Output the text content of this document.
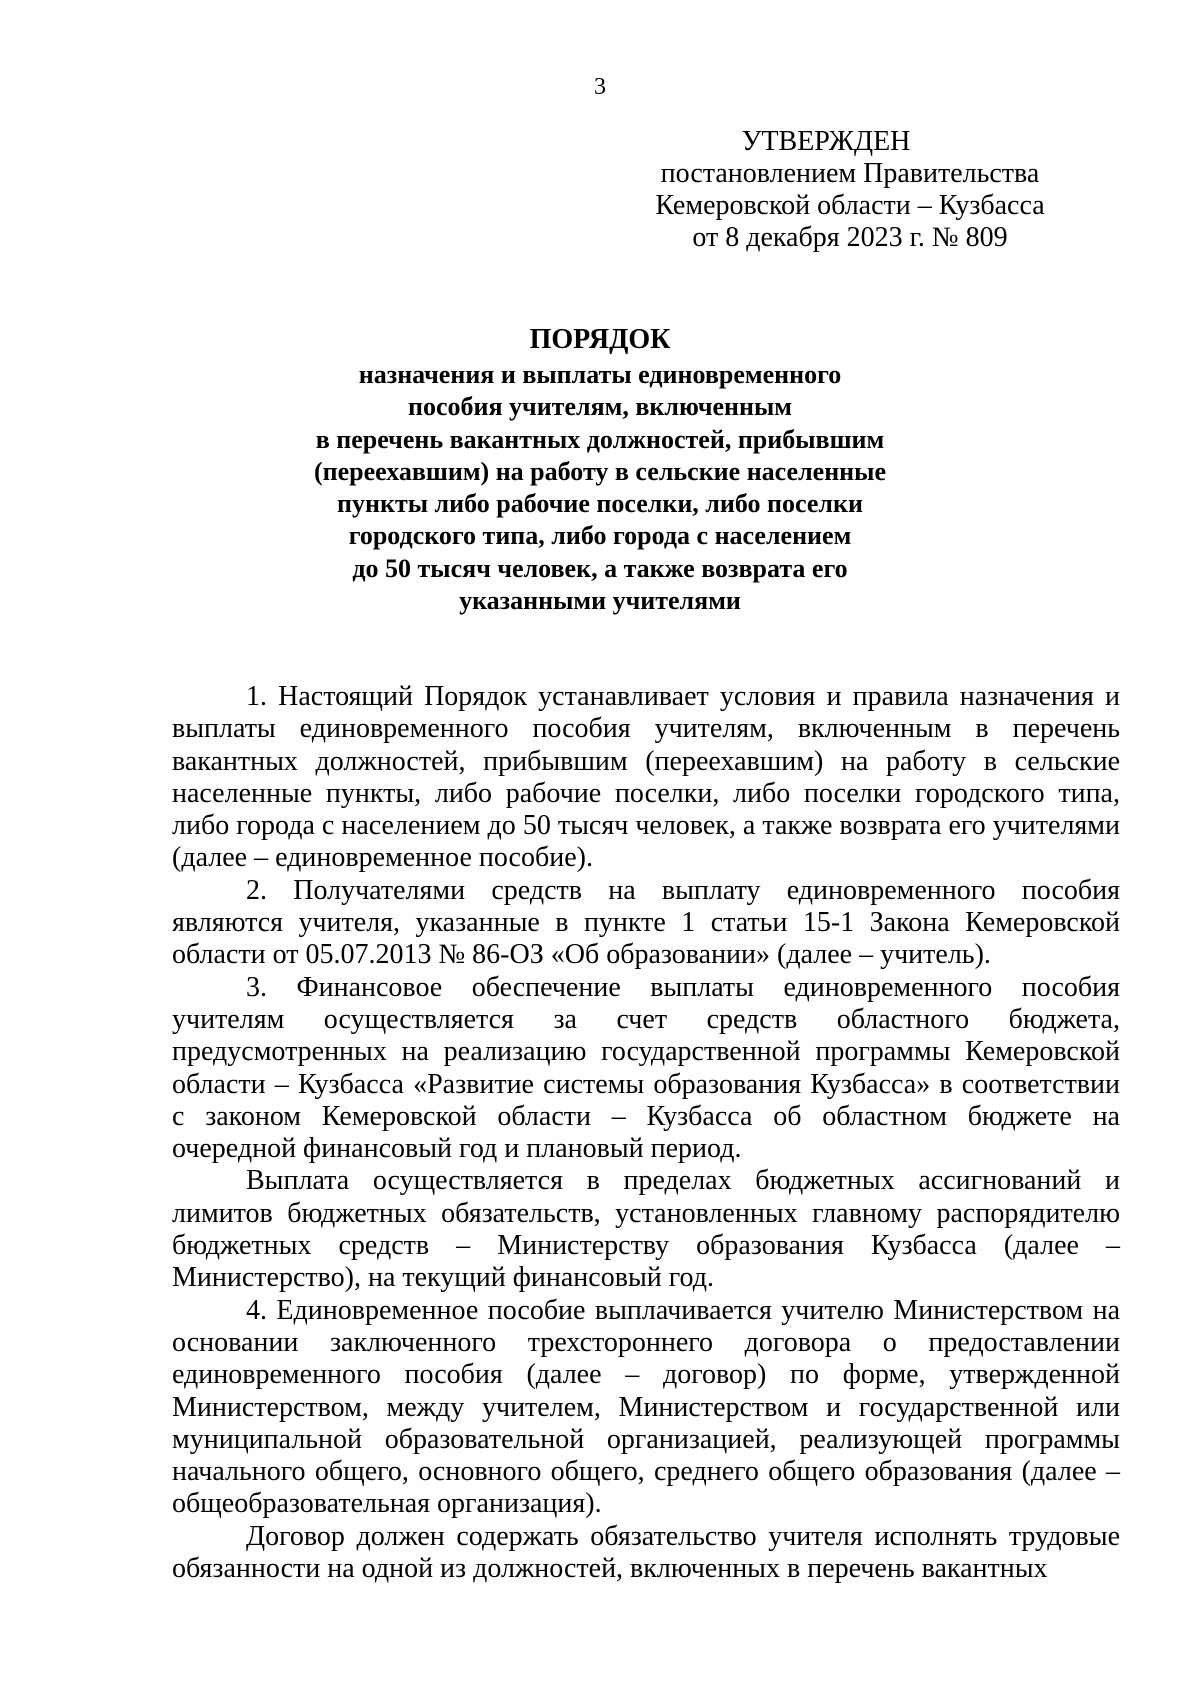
3
УТВЕРЖДЕН
постановлением Правительства
Кемеровской области – Кузбасса
от 8 декабря 2023 г. № 809
ПОРЯДОК
назначения и выплаты единовременного
пособия учителям, включенным
в перечень вакантных должностей, прибывшим
(переехавшим) на работу в сельские населенные
пункты либо рабочие поселки, либо поселки
городского типа, либо города с населением
до 50 тысяч человек, а также возврата его
указанными учителями

1. Настоящий Порядок устанавливает условия и правила назначения и выплаты единовременного пособия учителям, включенным в перечень вакантных должностей, прибывшим (переехавшим) на работу в сельские населенные пункты, либо рабочие поселки, либо поселки городского типа, либо города с населением до 50 тысяч человек, а также возврата его учителями (далее – единовременное пособие).

2. Получателями средств на выплату единовременного пособия являются учителя, указанные в пункте 1 статьи 15-1 Закона Кемеровской области от 05.07.2013 № 86-ОЗ «Об образовании» (далее – учитель).

3. Финансовое обеспечение выплаты единовременного пособия учителям осуществляется за счет средств областного бюджета, предусмотренных на реализацию государственной программы Кемеровской области – Кузбасса «Развитие системы образования Кузбасса» в соответствии с законом Кемеровской области – Кузбасса об областном бюджете на очередной финансовый год и плановый период.

Выплата осуществляется в пределах бюджетных ассигнований и лимитов бюджетных обязательств, установленных главному распорядителю бюджетных средств – Министерству образования Кузбасса (далее – Министерство), на текущий финансовый год.

4. Единовременное пособие выплачивается учителю Министерством на основании заключенного трехстороннего договора о предоставлении единовременного пособия (далее – договор) по форме, утвержденной Министерством, между учителем, Министерством и государственной или муниципальной образовательной организацией, реализующей программы начального общего, основного общего, среднего общего образования (далее – общеобразовательная организация).

Договор должен содержать обязательство учителя исполнять трудовые обязанности на одной из должностей, включенных в перечень вакантных
